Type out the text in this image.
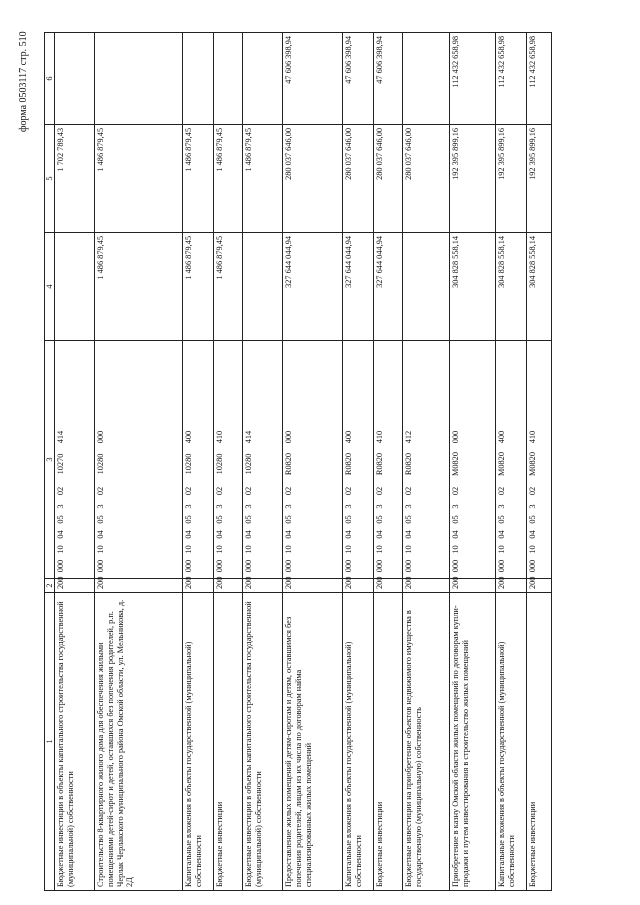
форма 0503117 стр. 510
1	2	3	4	5	6
Бюджетные инвестиции в объекты капитального строительства государственной (муниципальной) собственности	200	00010040530210270414		1 702 789,43	
Строительство 8-квартирного жилого дома для обеспечения жилыми помещениями детей-сирот и детей, оставшихся без попечения родителей, р.п. Черлак Черлакского муниципального района Омской области, ул. Мельникова, д. 2Д	200	00010040530210280000	1 486 879,45	1 486 879,45	
Капитальные вложения в объекты государственной (муниципальной) собственности	200	00010040530210280400	1 486 879,45	1 486 879,45	
Бюджетные инвестиции	200	00010040530210280410	1 486 879,45	1 486 879,45	
Бюджетные инвестиции в объекты капитального строительства государственной (муниципальной) собственности	200	00010040530210280414		1 486 879,45	
Предоставление жилых помещений детям-сиротам и детям, оставшимся без попечения родителей, лицам из их числа по договорам найма специализированных жилых помещений	200	000100405302R0820000	327 644 044,94	280 037 646,00	47 606 398,94
Капитальные вложения в объекты государственной (муниципальной) собственности	200	000100405302R0820400	327 644 044,94	280 037 646,00	47 606 398,94
Бюджетные инвестиции	200	000100405302R0820410	327 644 044,94	280 037 646,00	47 606 398,94
Бюджетные инвестиции на приобретение объектов недвижимого имущества в государственную (муниципальную) собственность	200	000100405302R0820412		280 037 646,00	
Приобретение в казну Омской области жилых помещений по договорам купли-продажи и путем инвестирования в строительство жилых помещений	200	000100405302M0820000	304 828 558,14	192 395 899,16	112 432 658,98
Капитальные вложения в объекты государственной (муниципальной) собственности	200	000100405302M0820400	304 828 558,14	192 395 899,16	112 432 658,98
Бюджетные инвестиции	200	000100405302M0820410	304 828 558,14	192 395 899,16	112 432 658,98
